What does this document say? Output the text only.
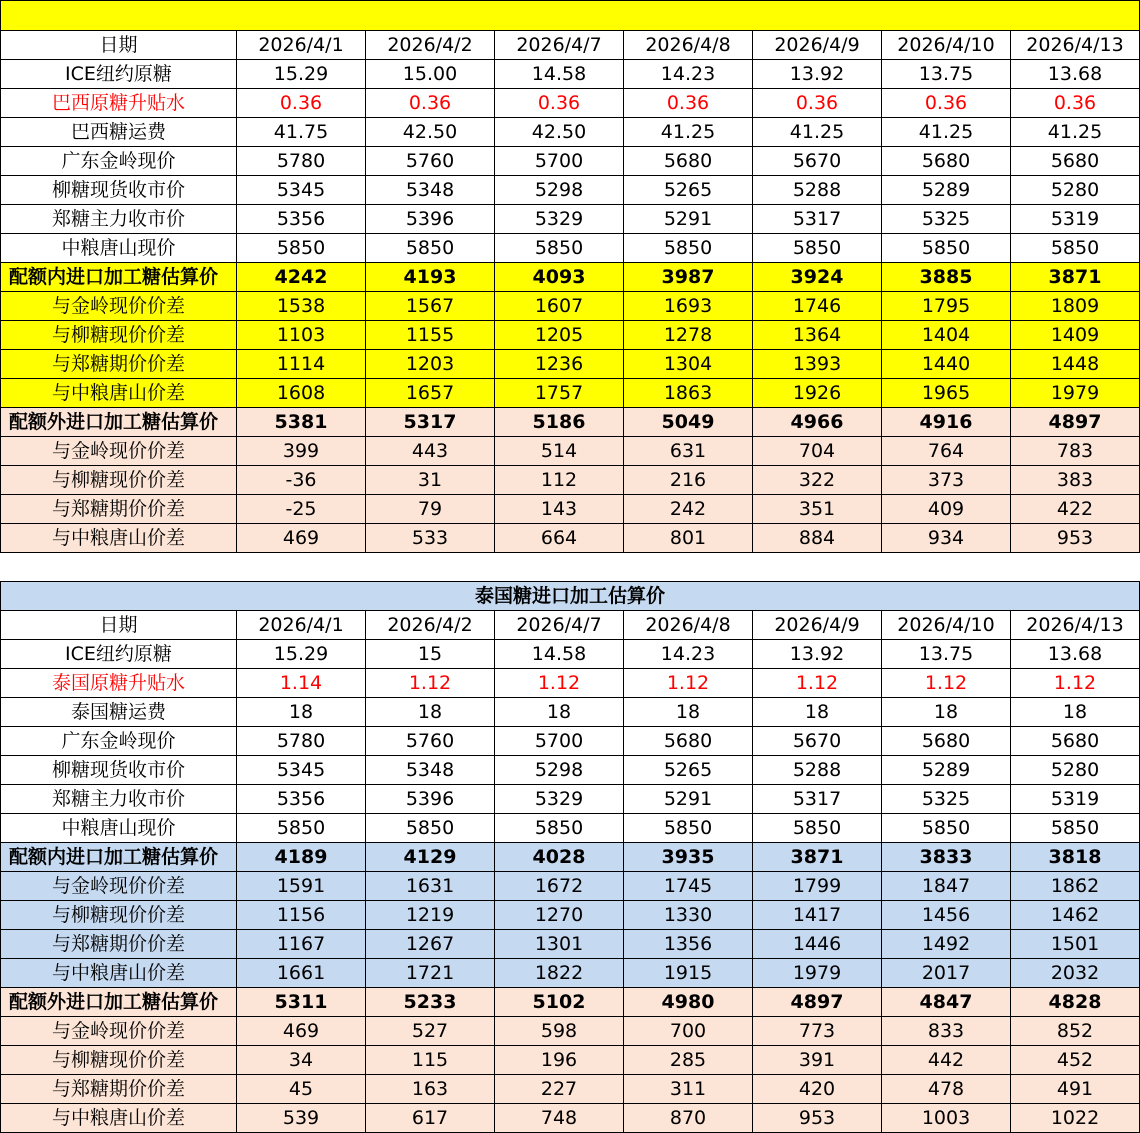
日期	2026/4/1	2026/4/2	2026/4/7	2026/4/8	2026/4/9	2026/4/10	2026/4/13
ICE纽约原糖	15.29	15.00	14.58	14.23	13.92	13.75	13.68
巴西原糖升贴水	0.36	0.36	0.36	0.36	0.36	0.36	0.36
巴西糖运费	41.75	42.50	42.50	41.25	41.25	41.25	41.25
广东金岭现价	5780	5760	5700	5680	5670	5680	5680
柳糖现货收市价	5345	5348	5298	5265	5288	5289	5280
郑糖主力收市价	5356	5396	5329	5291	5317	5325	5319
中粮唐山现价	5850	5850	5850	5850	5850	5850	5850
配额内进口加工糖估算价	4242	4193	4093	3987	3924	3885	3871
与金岭现价价差	1538	1567	1607	1693	1746	1795	1809
与柳糖现价价差	1103	1155	1205	1278	1364	1404	1409
与郑糖期价价差	1114	1203	1236	1304	1393	1440	1448
与中粮唐山价差	1608	1657	1757	1863	1926	1965	1979
配额外进口加工糖估算价	5381	5317	5186	5049	4966	4916	4897
与金岭现价价差	399	443	514	631	704	764	783
与柳糖现价价差	-36	31	112	216	322	373	383
与郑糖期价价差	-25	79	143	242	351	409	422
与中粮唐山价差	469	533	664	801	884	934	953

泰国糖进口加工估算价							
日期	2026/4/1	2026/4/2	2026/4/7	2026/4/8	2026/4/9	2026/4/10	2026/4/13
ICE纽约原糖	15.29	15	14.58	14.23	13.92	13.75	13.68
泰国原糖升贴水	1.14	1.12	1.12	1.12	1.12	1.12	1.12
泰国糖运费	18	18	18	18	18	18	18
广东金岭现价	5780	5760	5700	5680	5670	5680	5680
柳糖现货收市价	5345	5348	5298	5265	5288	5289	5280
郑糖主力收市价	5356	5396	5329	5291	5317	5325	5319
中粮唐山现价	5850	5850	5850	5850	5850	5850	5850
配额内进口加工糖估算价	4189	4129	4028	3935	3871	3833	3818
与金岭现价价差	1591	1631	1672	1745	1799	1847	1862
与柳糖现价价差	1156	1219	1270	1330	1417	1456	1462
与郑糖期价价差	1167	1267	1301	1356	1446	1492	1501
与中粮唐山价差	1661	1721	1822	1915	1979	2017	2032
配额外进口加工糖估算价	5311	5233	5102	4980	4897	4847	4828
与金岭现价价差	469	527	598	700	773	833	852
与柳糖现价价差	34	115	196	285	391	442	452
与郑糖期价价差	45	163	227	311	420	478	491
与中粮唐山价差	539	617	748	870	953	1003	1022
